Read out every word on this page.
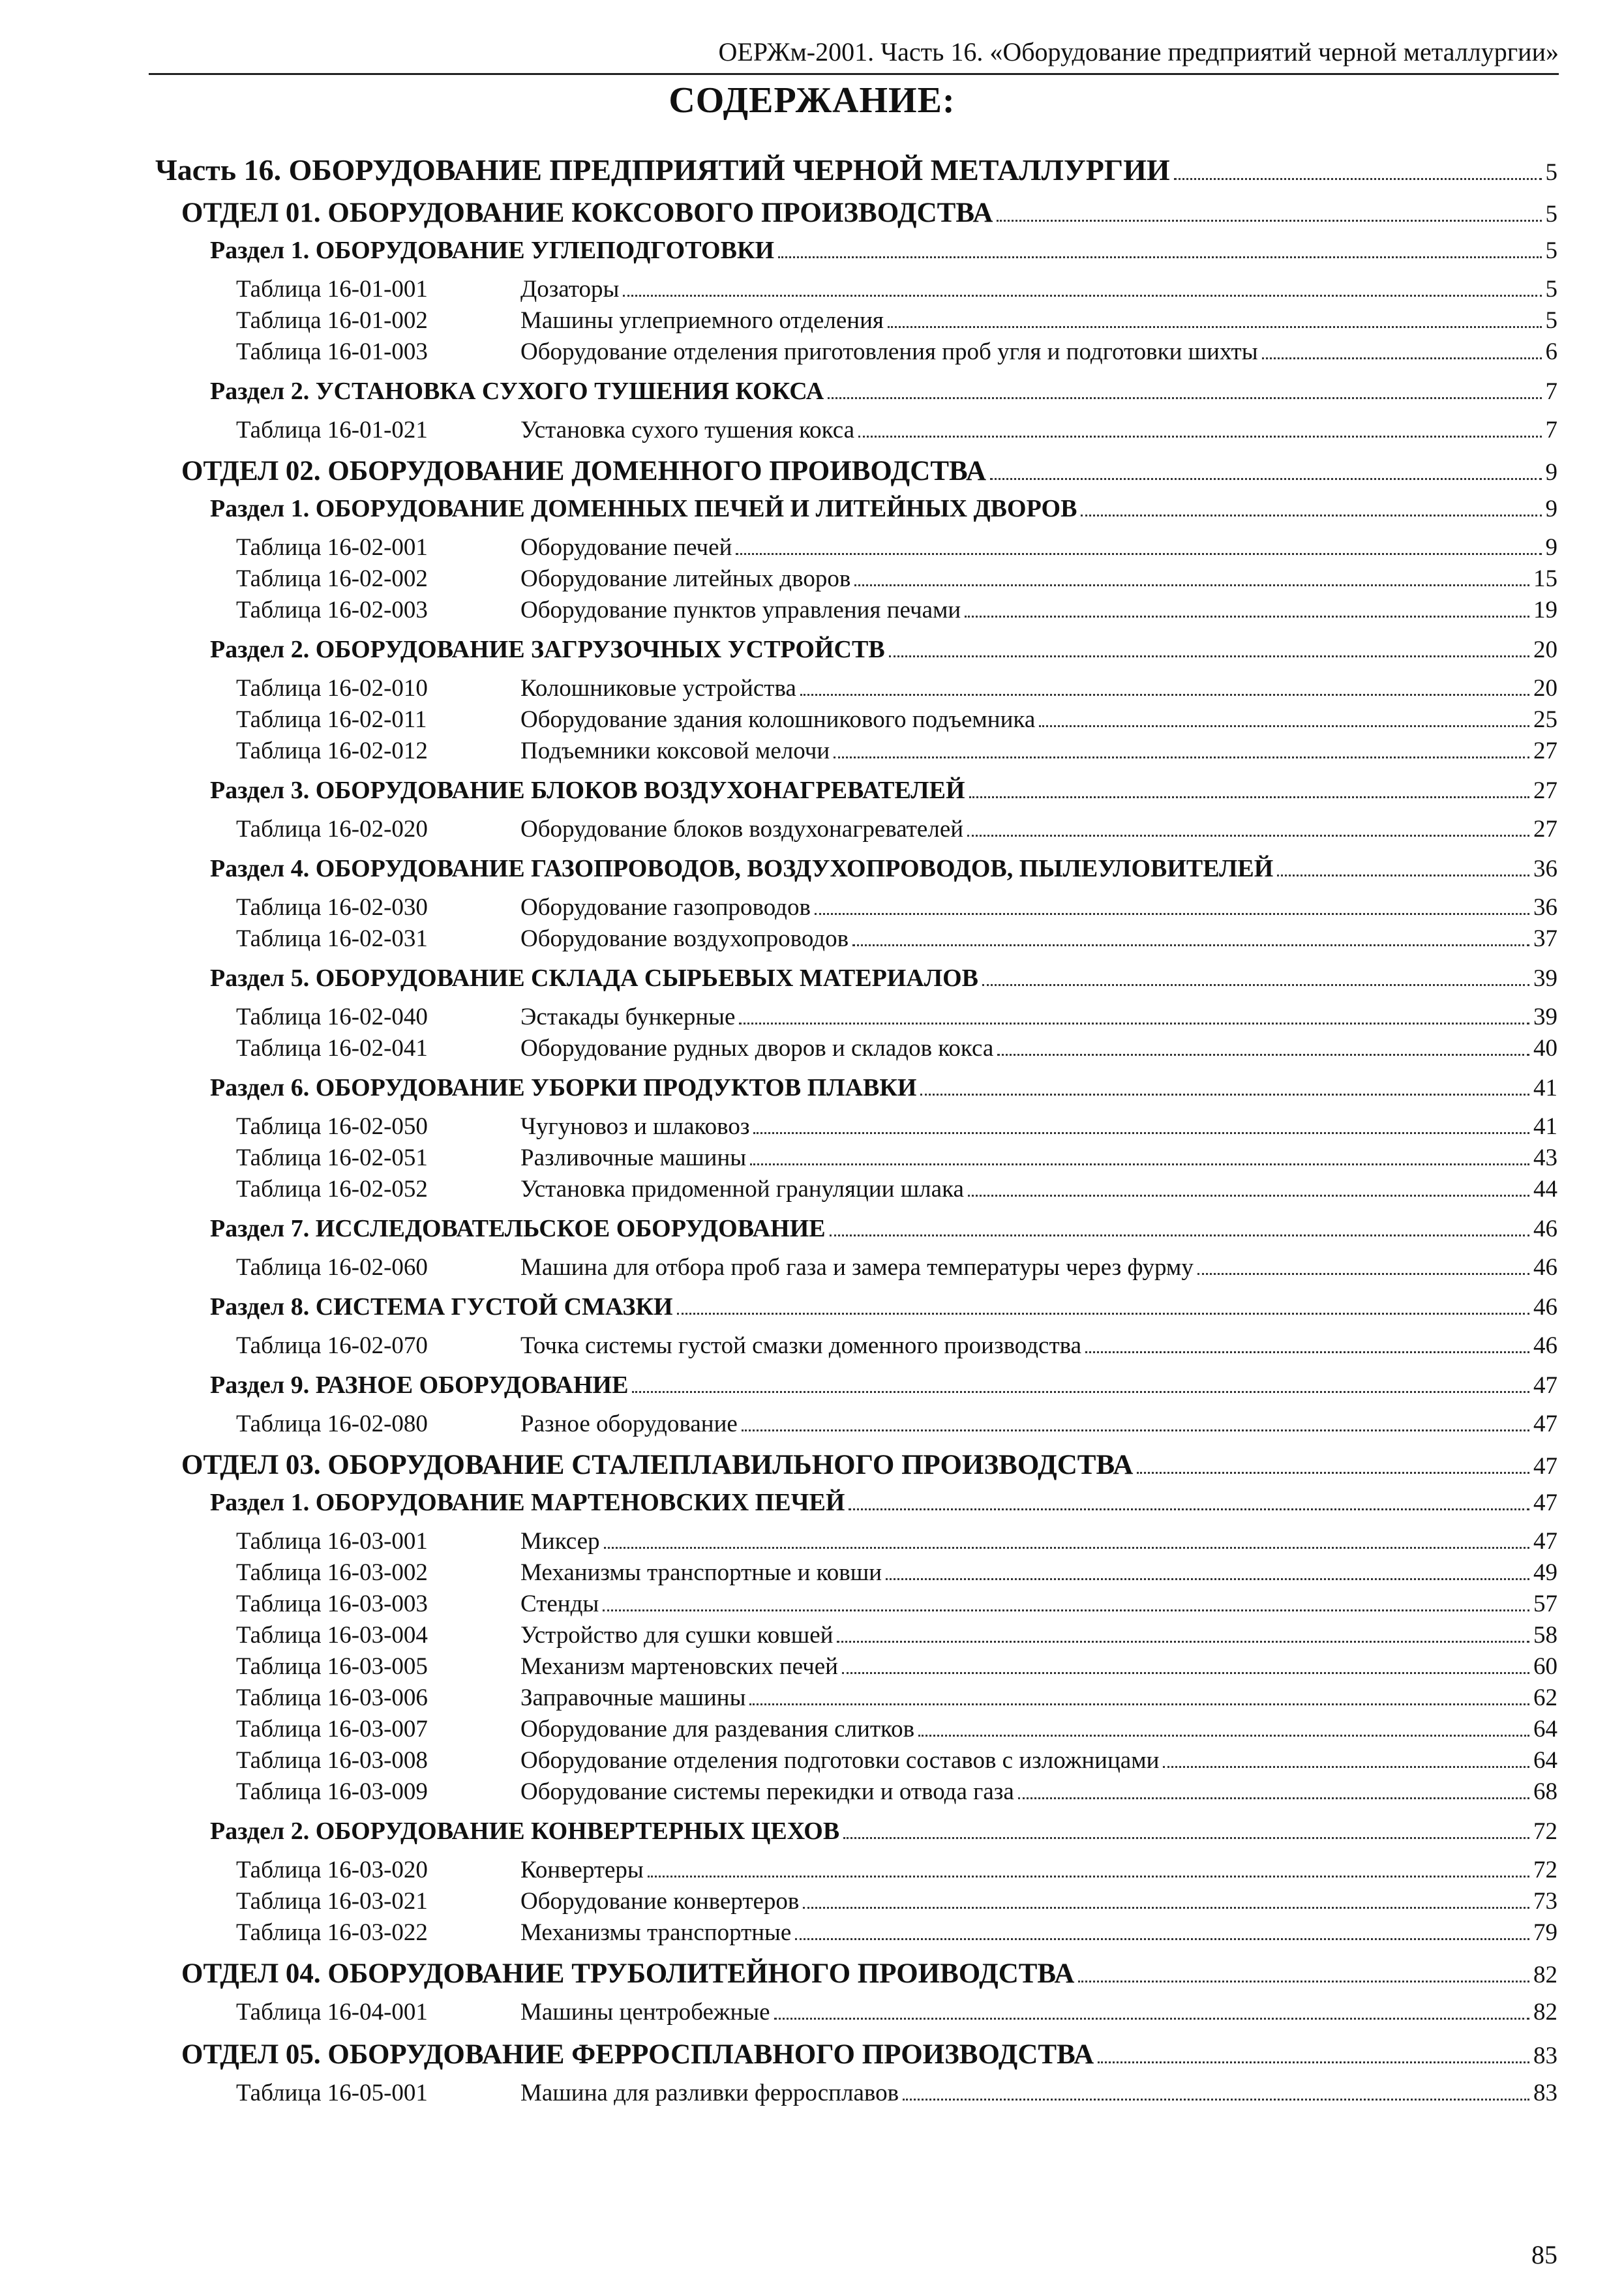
ОЕРЖм-2001. Часть 16. «Оборудование предприятий черной металлургии»
СОДЕРЖАНИЕ:
Часть 16. ОБОРУДОВАНИЕ ПРЕДПРИЯТИЙ ЧЕРНОЙ МЕТАЛЛУРГИИ	5
ОТДЕЛ 01. ОБОРУДОВАНИЕ КОКСОВОГО ПРОИЗВОДСТВА	5
Раздел 1. ОБОРУДОВАНИЕ УГЛЕПОДГОТОВКИ	5
Таблица 16-01-001	Дозаторы	5
Таблица 16-01-002	Машины углеприемного отделения	5
Таблица 16-01-003	Оборудование отделения приготовления проб угля и подготовки шихты	6
Раздел 2. УСТАНОВКА СУХОГО ТУШЕНИЯ КОКСА	7
Таблица 16-01-021	Установка сухого тушения кокса	7
ОТДЕЛ 02. ОБОРУДОВАНИЕ ДОМЕННОГО ПРОИВОДСТВА	9
Раздел 1. ОБОРУДОВАНИЕ ДОМЕННЫХ ПЕЧЕЙ И ЛИТЕЙНЫХ ДВОРОВ	9
Таблица 16-02-001	Оборудование печей	9
Таблица 16-02-002	Оборудование литейных дворов	15
Таблица 16-02-003	Оборудование пунктов управления печами	19
Раздел 2. ОБОРУДОВАНИЕ ЗАГРУЗОЧНЫХ УСТРОЙСТВ	20
Таблица 16-02-010	Колошниковые устройства	20
Таблица 16-02-011	Оборудование здания колошникового подъемника	25
Таблица 16-02-012	Подъемники коксовой мелочи	27
Раздел 3. ОБОРУДОВАНИЕ БЛОКОВ ВОЗДУХОНАГРЕВАТЕЛЕЙ	27
Таблица 16-02-020	Оборудование блоков воздухонагревателей	27
Раздел 4. ОБОРУДОВАНИЕ ГАЗОПРОВОДОВ, ВОЗДУХОПРОВОДОВ, ПЫЛЕУЛОВИТЕЛЕЙ	36
Таблица 16-02-030	Оборудование газопроводов	36
Таблица 16-02-031	Оборудование воздухопроводов	37
Раздел 5. ОБОРУДОВАНИЕ СКЛАДА СЫРЬЕВЫХ МАТЕРИАЛОВ	39
Таблица 16-02-040	Эстакады бункерные	39
Таблица 16-02-041	Оборудование рудных дворов и складов кокса	40
Раздел 6. ОБОРУДОВАНИЕ УБОРКИ ПРОДУКТОВ ПЛАВКИ	41
Таблица 16-02-050	Чугуновоз и шлаковоз	41
Таблица 16-02-051	Разливочные машины	43
Таблица 16-02-052	Установка придоменной грануляции шлака	44
Раздел 7. ИССЛЕДОВАТЕЛЬСКОЕ ОБОРУДОВАНИЕ	46
Таблица 16-02-060	Машина для отбора проб газа и замера температуры через фурму	46
Раздел 8. СИСТЕМА ГУСТОЙ СМАЗКИ	46
Таблица 16-02-070	Точка системы густой смазки доменного производства	46
Раздел 9. РАЗНОЕ ОБОРУДОВАНИЕ	47
Таблица 16-02-080	Разное оборудование	47
ОТДЕЛ 03. ОБОРУДОВАНИЕ СТАЛЕПЛАВИЛЬНОГО ПРОИЗВОДСТВА	47
Раздел 1. ОБОРУДОВАНИЕ МАРТЕНОВСКИХ ПЕЧЕЙ	47
Таблица 16-03-001	Миксер	47
Таблица 16-03-002	Механизмы транспортные и ковши	49
Таблица 16-03-003	Стенды	57
Таблица 16-03-004	Устройство для сушки ковшей	58
Таблица 16-03-005	Механизм мартеновских печей	60
Таблица 16-03-006	Заправочные машины	62
Таблица 16-03-007	Оборудование для раздевания слитков	64
Таблица 16-03-008	Оборудование отделения подготовки составов с изложницами	64
Таблица 16-03-009	Оборудование системы перекидки и отвода газа	68
Раздел 2. ОБОРУДОВАНИЕ КОНВЕРТЕРНЫХ ЦЕХОВ	72
Таблица 16-03-020	Конвертеры	72
Таблица 16-03-021	Оборудование конвертеров	73
Таблица 16-03-022	Механизмы транспортные	79
ОТДЕЛ 04. ОБОРУДОВАНИЕ ТРУБОЛИТЕЙНОГО ПРОИВОДСТВА	82
Таблица 16-04-001	Машины центробежные	82
ОТДЕЛ 05. ОБОРУДОВАНИЕ ФЕРРОСПЛАВНОГО ПРОИЗВОДСТВА	83
Таблица 16-05-001	Машина для разливки ферросплавов	83
85
